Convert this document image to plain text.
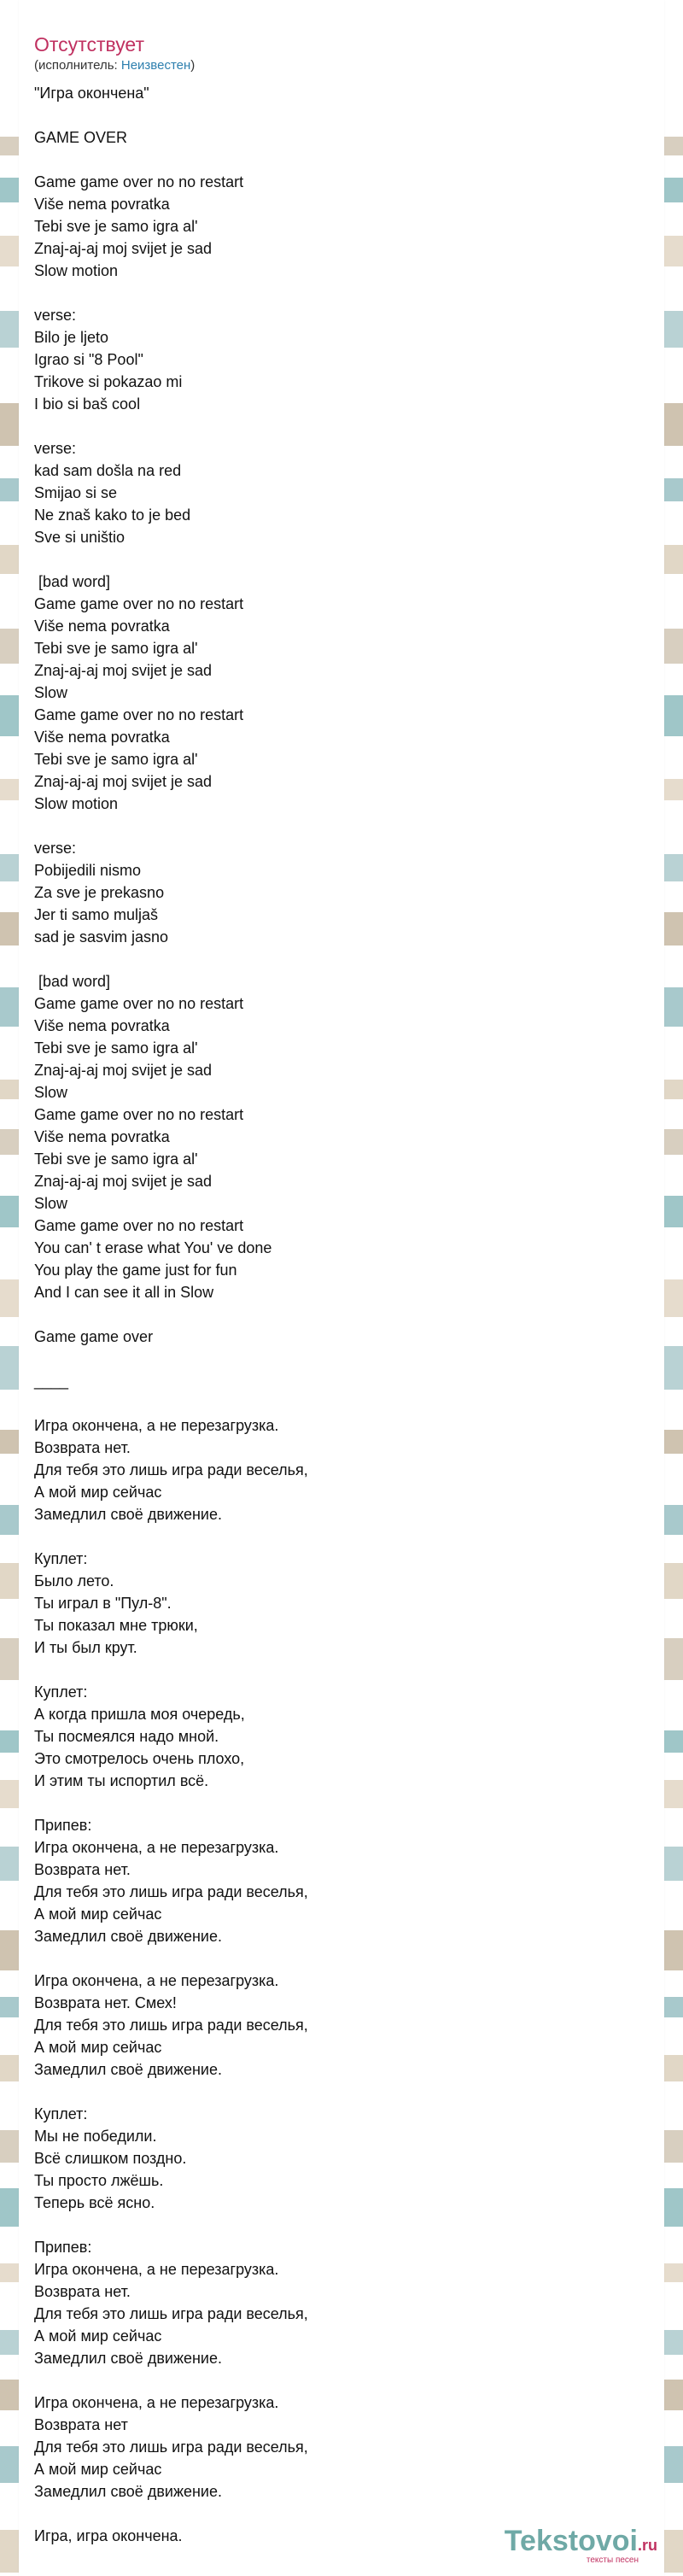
Отсутствует
(исполнитель: Неизвестен)
"Игра окончена"
GAME OVER
Game game over no no restart
Više nema povratka
Tebi sve je samo igra al'
Znaj-aj-aj moj svijet je sad
Slow motion
verse:
Bilo je ljeto
Igrao si "8 Pool"
Trikove si pokazao mi
I bio si baš cool
verse:
kad sam došla na red
Smijao si se
Ne znaš kako to je bed
Sve si uništio
[bad word]
Game game over no no restart
Više nema povratka
Tebi sve je samo igra al'
Znaj-aj-aj moj svijet je sad
Slow
Game game over no no restart
Više nema povratka
Tebi sve je samo igra al'
Znaj-aj-aj moj svijet je sad
Slow motion
verse:
Pobijedili nismo
Za sve je prekasno
Jer ti samo muljaš
sad je sasvim jasno
[bad word]
Game game over no no restart
Više nema povratka
Tebi sve je samo igra al'
Znaj-aj-aj moj svijet je sad
Slow
Game game over no no restart
Više nema povratka
Tebi sve je samo igra al'
Znaj-aj-aj moj svijet je sad
Slow
Game game over no no restart
You can' t erase what You' ve done
You play the game just for fun
And I can see it all in Slow
Game game over
____
Игра окончена, а не перезагрузка.
Возврата нет.
Для тебя это лишь игра ради веселья,
А мой мир сейчас
Замедлил своё движение.
Куплет:
Было лето.
Ты играл в "Пул-8".
Ты показал мне трюки,
И ты был крут.
Куплет:
А когда пришла моя очередь,
Ты посмеялся надо мной.
Это смотрелось очень плохо,
И этим ты испортил всё.
Припев:
Игра окончена, а не перезагрузка.
Возврата нет.
Для тебя это лишь игра ради веселья,
А мой мир сейчас
Замедлил своё движение.
Игра окончена, а не перезагрузка.
Возврата нет. Смех!
Для тебя это лишь игра ради веселья,
А мой мир сейчас
Замедлил своё движение.
Куплет:
Мы не победили.
Всё слишком поздно.
Ты просто лжёшь.
Теперь всё ясно.
Припев:
Игра окончена, а не перезагрузка.
Возврата нет.
Для тебя это лишь игра ради веселья,
А мой мир сейчас
Замедлил своё движение.
Игра окончена, а не перезагрузка.
Возврата нет
Для тебя это лишь игра ради веселья,
А мой мир сейчас
Замедлил своё движение.
Игра, игра окончена.	Tekstovoi.ru
тексты песен
